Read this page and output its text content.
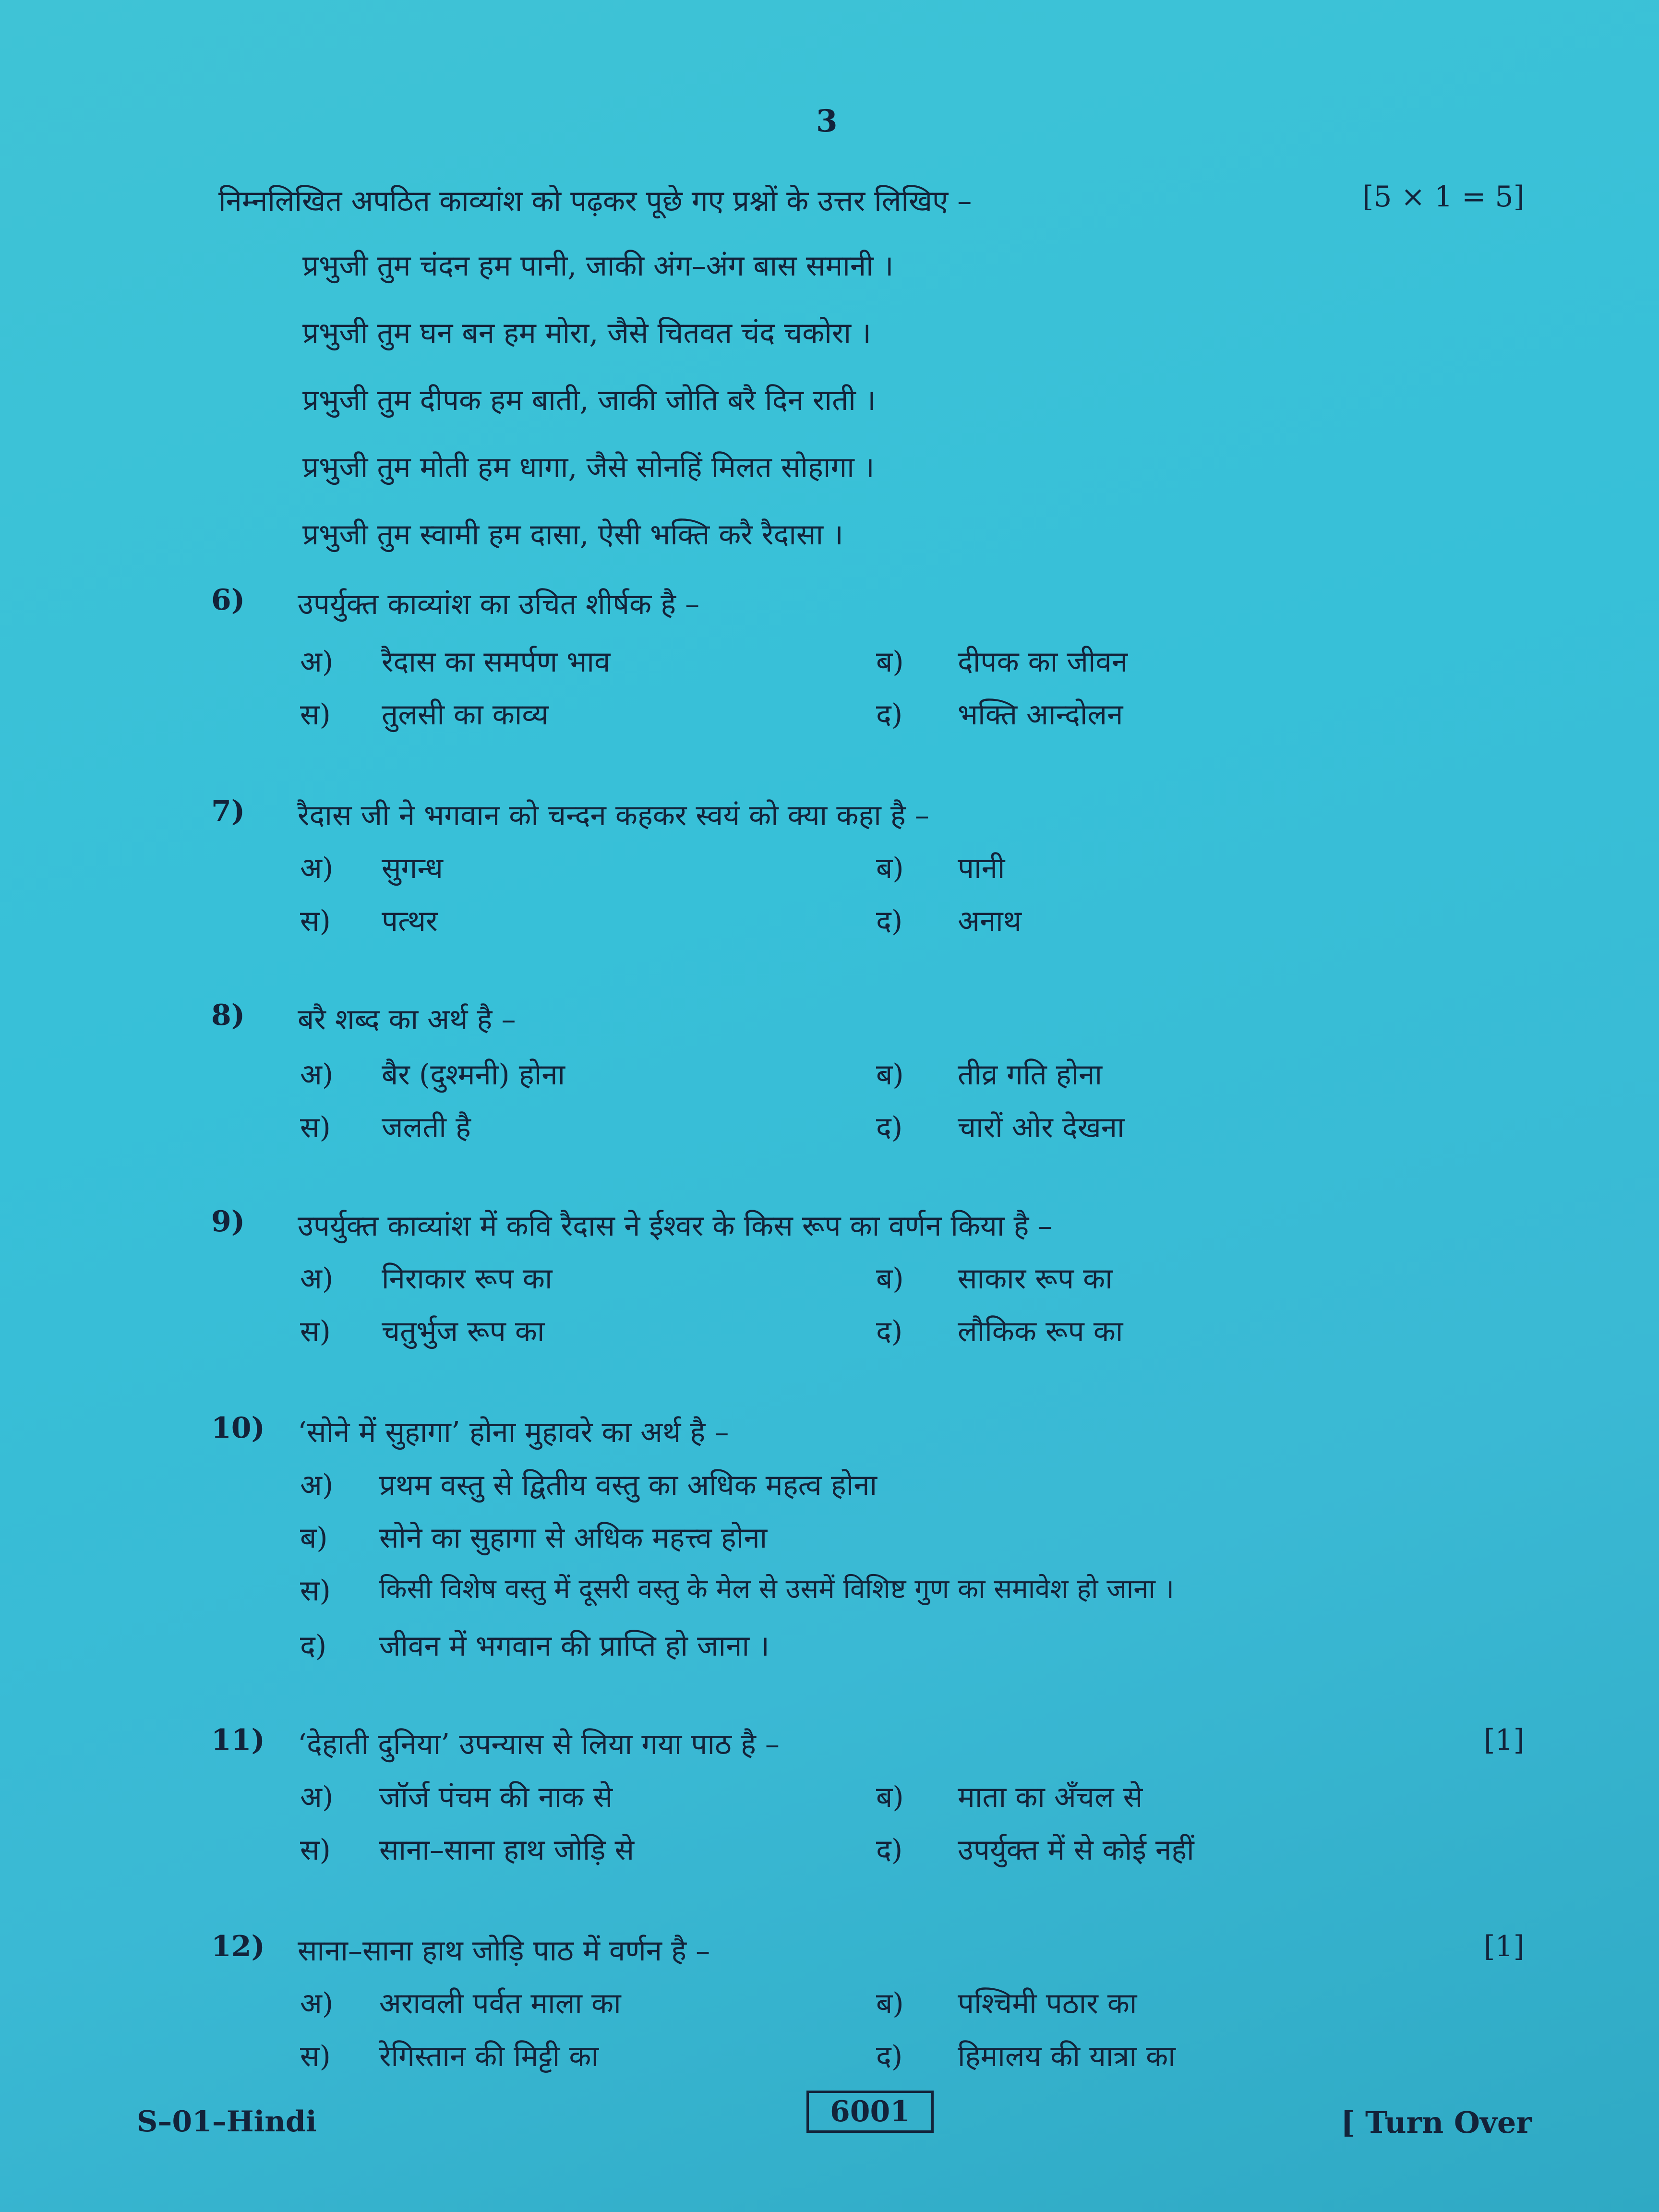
3
निम्नलिखित अपठित काव्यांश को पढ़कर पूछे गए प्रश्नों के उत्तर लिखिए –	[5 × 1 = 5]
प्रभुजी तुम चंदन हम पानी, जाकी अंग–अंग बास समानी ।
प्रभुजी तुम घन बन हम मोरा, जैसे चितवत चंद चकोरा ।
प्रभुजी तुम दीपक हम बाती, जाकी जोति बरै दिन राती ।
प्रभुजी तुम मोती हम धागा, जैसे सोनहिं मिलत सोहागा ।
प्रभुजी तुम स्वामी हम दासा, ऐसी भक्ति करै रैदासा ।
6) उपर्युक्त काव्यांश का उचित शीर्षक है –
अ) रैदास का समर्पण भाव	ब) दीपक का जीवन
स) तुलसी का काव्य	द) भक्ति आन्दोलन
7) रैदास जी ने भगवान को चन्दन कहकर स्वयं को क्या कहा है –
अ) सुगन्ध	ब) पानी
स) पत्थर	द) अनाथ
8) बरै शब्द का अर्थ है –
अ) बैर (दुश्मनी) होना	ब) तीव्र गति होना
स) जलती है	द) चारों ओर देखना
9) उपर्युक्त काव्यांश में कवि रैदास ने ईश्वर के किस रूप का वर्णन किया है –
अ) निराकार रूप का	ब) साकार रूप का
स) चतुर्भुज रूप का	द) लौकिक रूप का
10) ‘सोने में सुहागा’ होना मुहावरे का अर्थ है –
अ) प्रथम वस्तु से द्वितीय वस्तु का अधिक महत्व होना
ब) सोने का सुहागा से अधिक महत्त्व होना
स) किसी विशेष वस्तु में दूसरी वस्तु के मेल से उसमें विशिष्ट गुण का समावेश हो जाना ।
द) जीवन में भगवान की प्राप्ति हो जाना ।
11) ‘देहाती दुनिया’ उपन्यास से लिया गया पाठ है –	[1]
अ) जॉर्ज पंचम की नाक से	ब) माता का अँचल से
स) साना–साना हाथ जोड़ि से	द) उपर्युक्त में से कोई नहीं
12) साना–साना हाथ जोड़ि पाठ में वर्णन है –	[1]
अ) अरावली पर्वत माला का	ब) पश्चिमी पठार का
स) रेगिस्तान की मिट्टी का	द) हिमालय की यात्रा का
S–01–Hindi	6001	[ Turn Over
